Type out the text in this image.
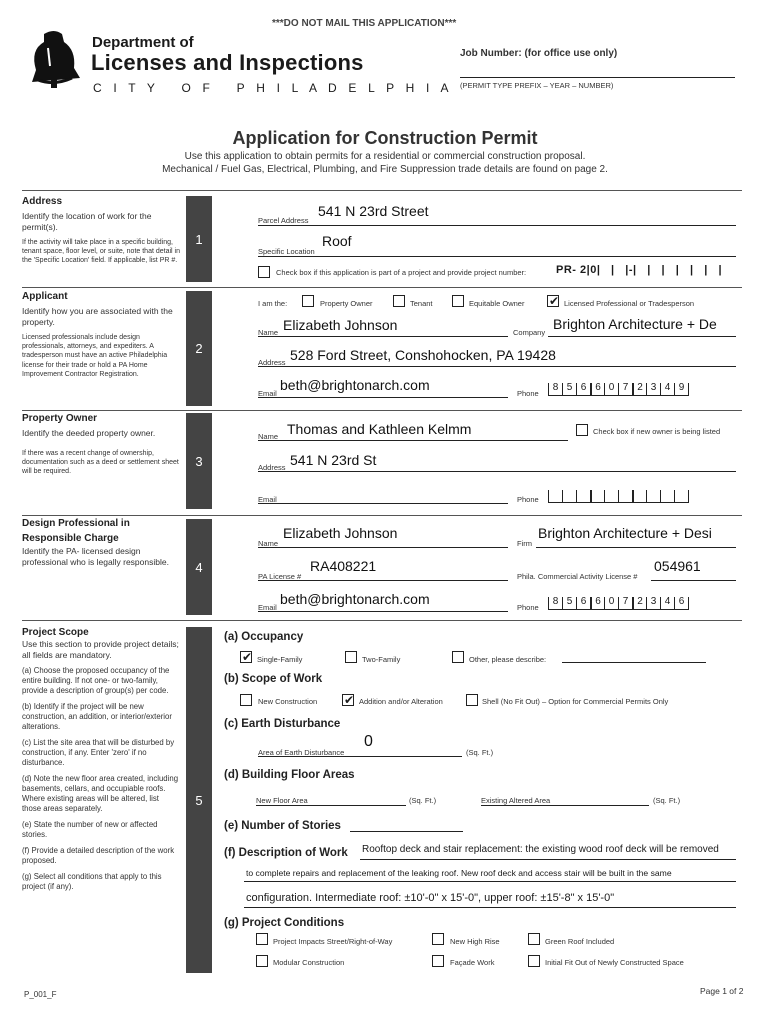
***DO NOT MAIL THIS APPLICATION***
Department of
Licenses and Inspections
C I T Y   O F   P H I L A D E L P H I A
Job Number: (for office use only)
(PERMIT TYPE PREFIX – YEAR – NUMBER)
Application for Construction Permit
Use this application to obtain permits for a residential or commercial construction proposal.
Mechanical / Fuel Gas, Electrical, Plumbing, and Fire Suppression trade details are found on page 2.
Address
Identify the location of work for the permit(s).
If the activity will take place in a specific building, tenant space, floor level, or suite, note that detail in the 'Specific Location' field. If applicable, list PR #.
1
Parcel Address
541 N 23rd Street
Specific Location
Roof
Check box if this application is part of a project and provide project number:	PR- 2|0|   |   |-|   |   |   |   |   |   |
Applicant
Identify how you are associated with the property.
Licensed professionals include design professionals, attorneys, and expediters. A tradesperson must have an active Philadelphia license for their trade or hold a PA Home Improvement Contractor Registration.
2
I am the:	Property Owner	Tenant	Equitable Owner ✔ Licensed Professional or Tradesperson
Name Elizabeth Johnson	Company
Brighton Architecture + De
Address 528 Ford Street, Conshohocken, PA 19428
Email
beth@brightonarch.com
Phone
8 5 6 6 0 7 2 3 4 9
Property Owner
Identify the deeded property owner.
If there was a recent change of ownership, documentation such as a deed or settlement sheet will be required.
3
Name Thomas and Kathleen Kelmm	Check box if new owner is being listed
Address 541 N 23rd St
Email	Phone
Design Professional in
Responsible Charge
Identify the PA- licensed design professional who is legally responsible.	4
Name
Elizabeth Johnson
Firm
Brighton Architecture + Desi
PA License #
RA408221
Phila. Commercial Activity License #
054961
Email
beth@brightonarch.com
Phone
8 5 6 6 0 7 2 3 4 6
Project Scope
Use this section to provide project details; all fields are mandatory.
(a) Choose the proposed occupancy of the entire building. If not one- or two-family, provide a description of group(s) per code.
(b) Identify if the project will be new construction, an addition, or interior/exterior alterations.
(c) List the site area that will be disturbed by construction, if any. Enter 'zero' if no disturbance.
(d) Note the new floor area created, including basements, cellars, and occupiable roofs. Where existing areas will be altered, list those areas separately.
(e) State the number of new or affected stories.
(f) Provide a detailed description of the work proposed.
(g) Select all conditions that apply to this project (if any).
5
(a) Occupancy
✔ Single-Family	Two-Family	Other, please describe:
(b) Scope of Work
New Construction ✔ Addition and/or Alteration	Shell (No Fit Out) – Option for Commercial Permits Only
(c) Earth Disturbance
Area of Earth Disturbance
0
(Sq. Ft.)
(d) Building Floor Areas
New Floor Area	(Sq. Ft.)	Existing Altered Area	(Sq. Ft.)
(e) Number of Stories
(f) Description of Work Rooftop deck and stair replacement: the existing wood roof deck will be removed
to complete repairs and replacement of the leaking roof. New roof deck and access stair will be built in the same
configuration. Intermediate roof: ±10'-0" x 15'-0", upper roof: ±15'-8" x 15'-0"
(g) Project Conditions
Project Impacts Street/Right-of-Way	New High Rise	Green Roof Included
Modular Construction	Façade Work	Initial Fit Out of Newly Constructed Space
P_001_F	Page 1 of 2
